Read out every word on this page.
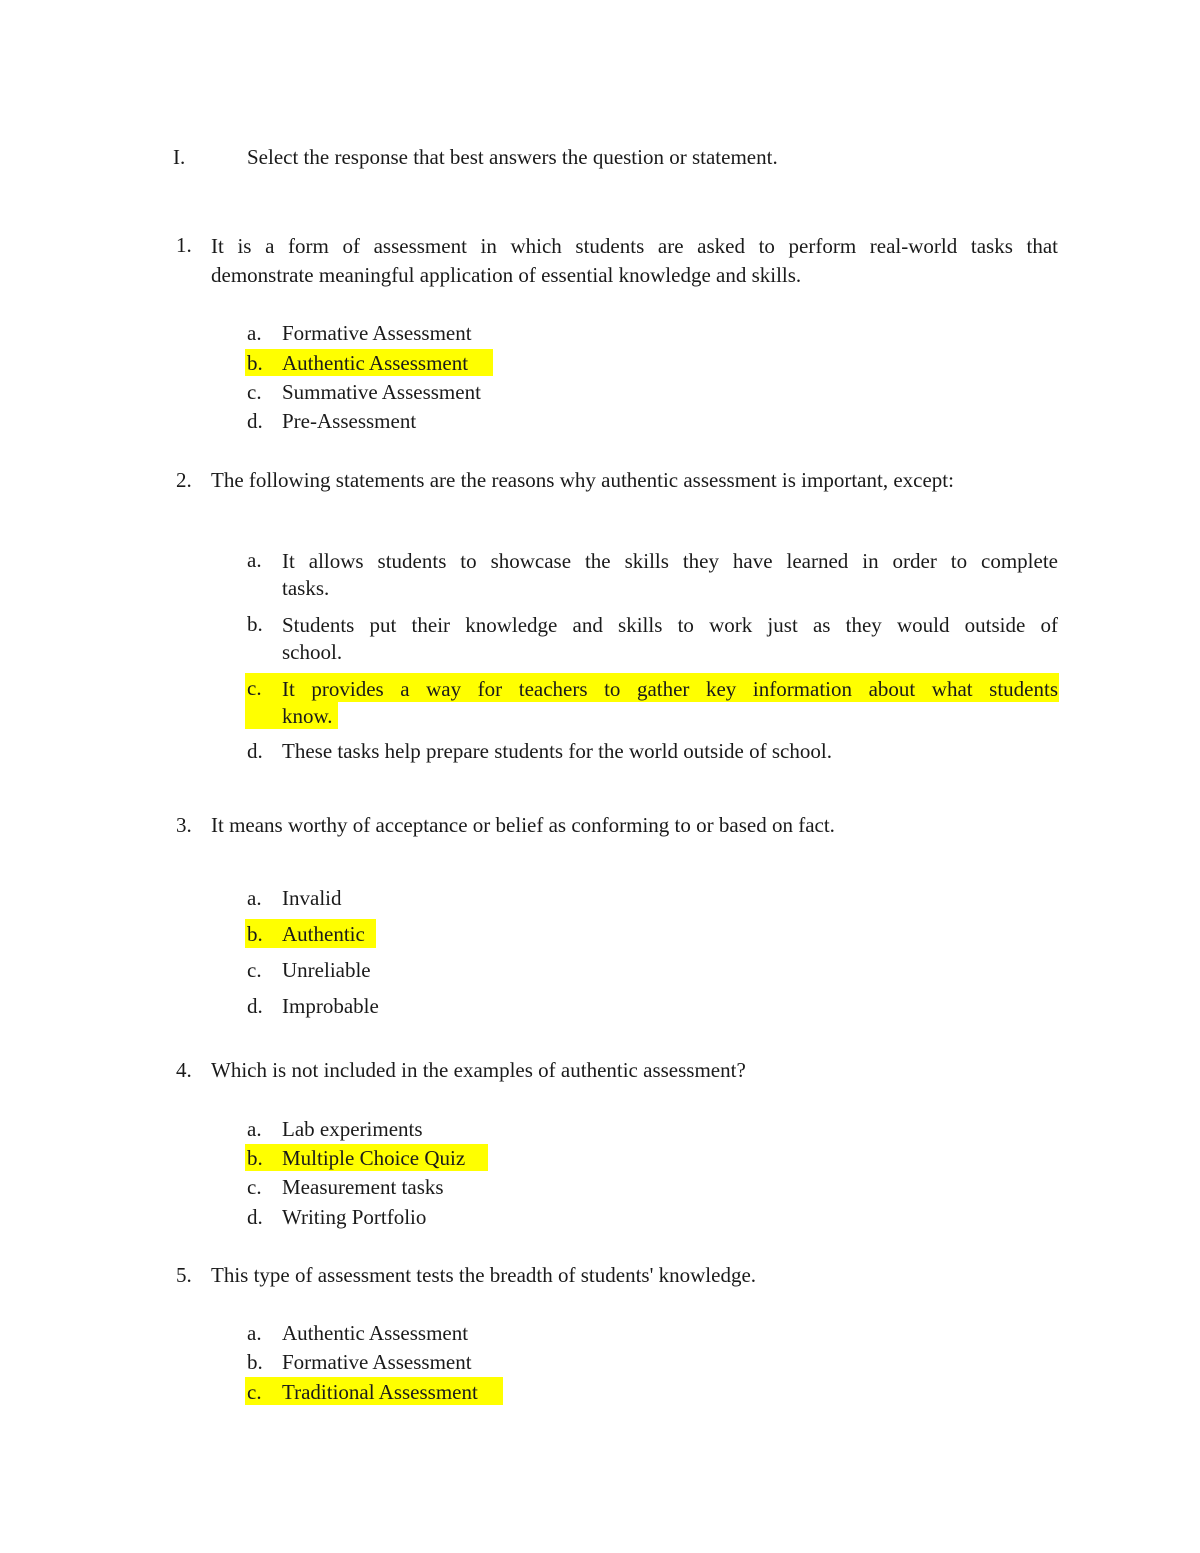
I.	Select the response that best answers the question or statement.
1. It is a form of assessment in which students are asked to perform real-world tasks that
demonstrate meaningful application of essential knowledge and skills.
a. Formative Assessment
b. Authentic Assessment
c. Summative Assessment
d. Pre-Assessment
2. The following statements are the reasons why authentic assessment is important, except:
a. It allows students to showcase the skills they have learned in order to complete
tasks.
b. Students put their knowledge and skills to work just as they would outside of
school.
c. It provides a way for teachers to gather key information about what students
know.
d. These tasks help prepare students for the world outside of school.
3. It means worthy of acceptance or belief as conforming to or based on fact.
a. Invalid
b. Authentic
c. Unreliable
d. Improbable
4. Which is not included in the examples of authentic assessment?
a. Lab experiments
b. Multiple Choice Quiz
c. Measurement tasks
d. Writing Portfolio
5. This type of assessment tests the breadth of students' knowledge.
a. Authentic Assessment
b. Formative Assessment
c. Traditional Assessment
